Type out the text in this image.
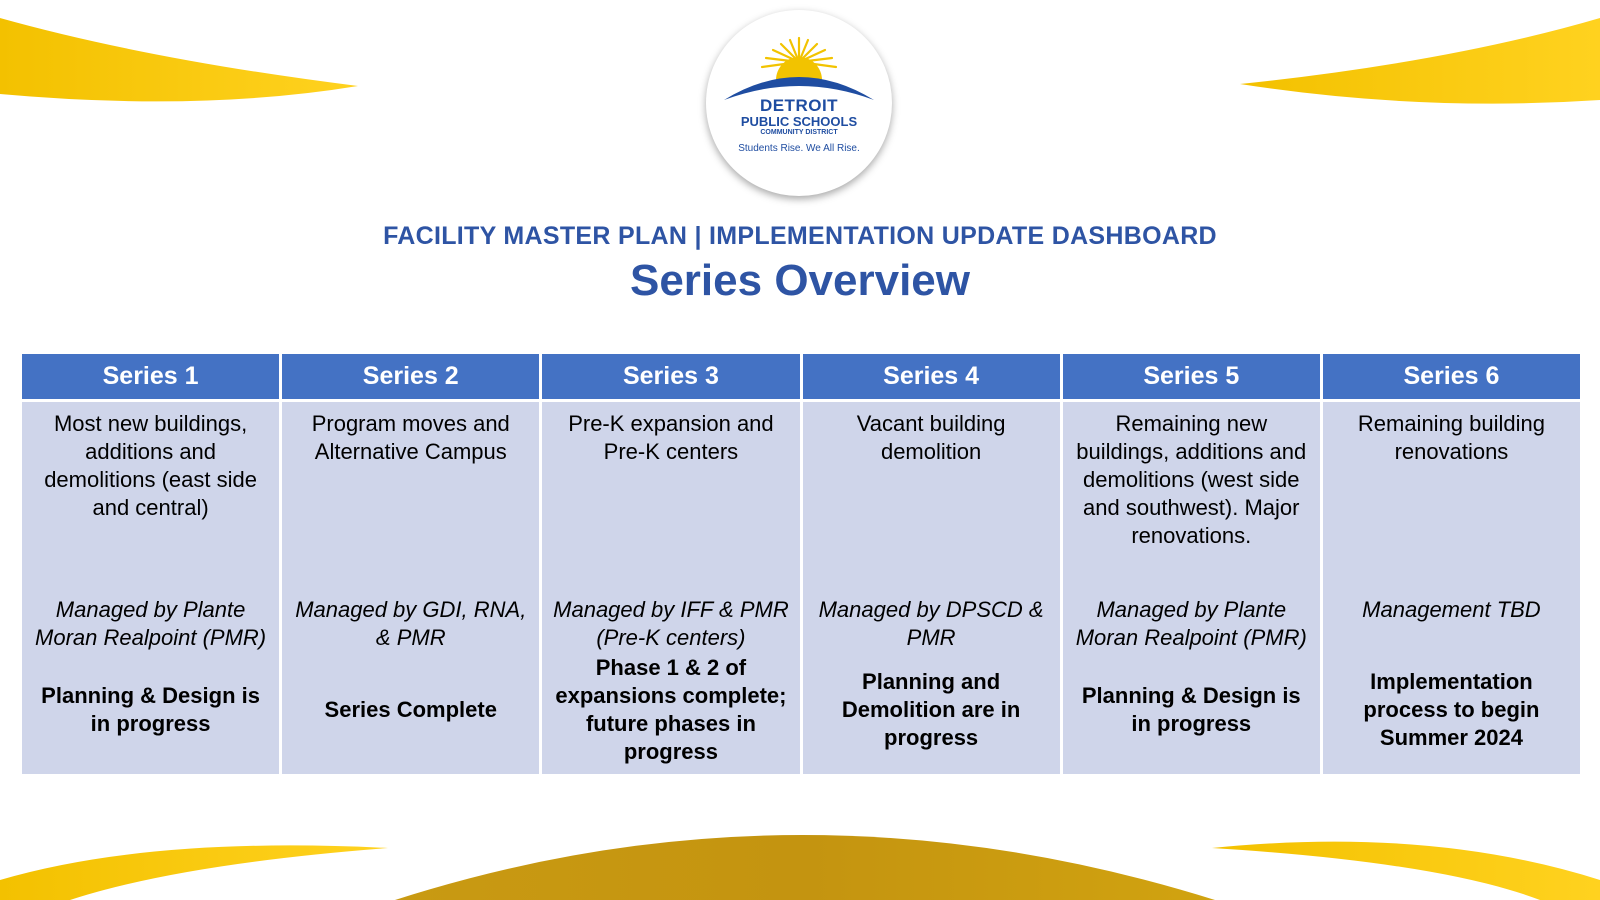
DETROIT
PUBLIC SCHOOLS
COMMUNITY DISTRICT
Students Rise. We All Rise.
FACILITY MASTER PLAN | IMPLEMENTATION UPDATE DASHBOARD
Series Overview
Series 1
Most new buildings, additions and demolitions (east side and central)
Managed by Plante Moran Realpoint (PMR)
Planning & Design is in progress
Series 2
Program moves and Alternative Campus
Managed by GDI, RNA, & PMR
Series Complete
Series 3
Pre-K expansion and Pre-K centers
Managed by IFF & PMR (Pre-K centers)
Phase 1 & 2 of expansions complete; future phases in progress
Series 4
Vacant building demolition
Managed by DPSCD & PMR
Planning and Demolition are in progress
Series 5
Remaining new buildings, additions and demolitions (west side and southwest). Major renovations.
Managed by Plante Moran Realpoint (PMR)
Planning & Design is in progress
Series 6
Remaining building renovations
Management TBD
Implementation process to begin Summer 2024
